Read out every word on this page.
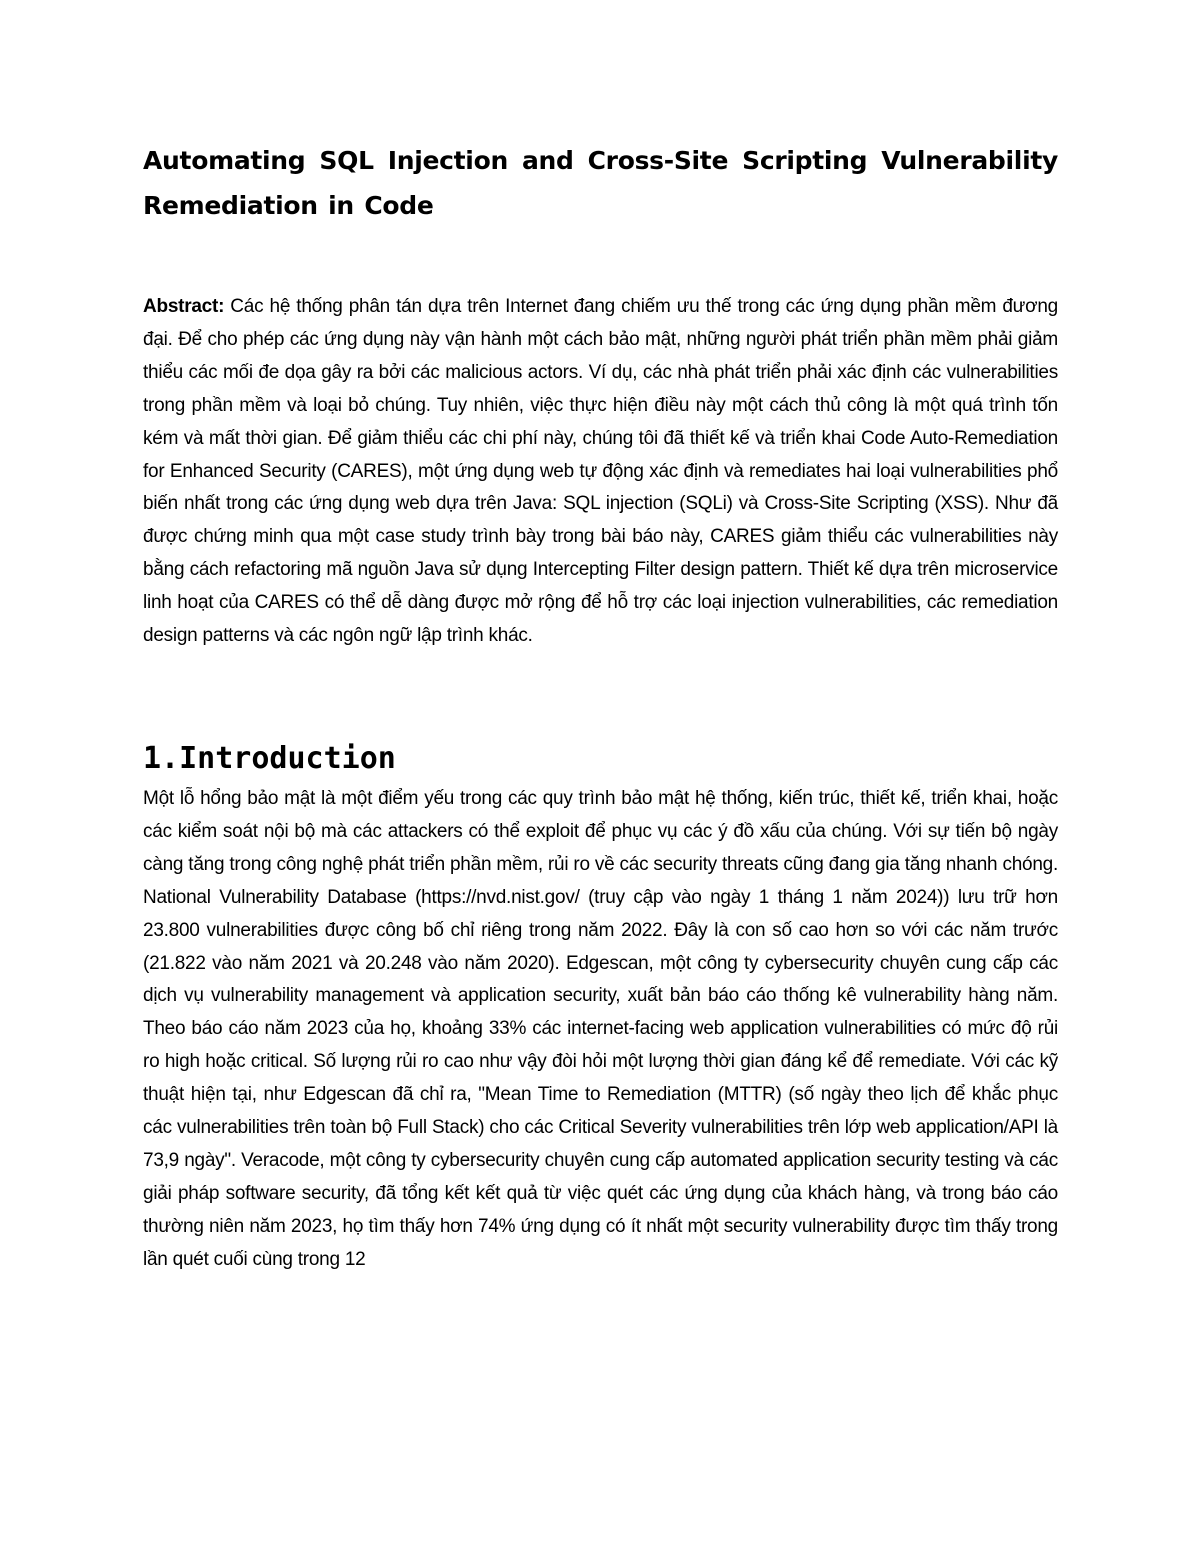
Automating SQL Injection and Cross-Site Scripting Vulnerability Remediation in Code

Abstract: Các hệ thống phân tán dựa trên Internet đang chiếm ưu thế trong các ứng dụng phần mềm đương đại. Để cho phép các ứng dụng này vận hành một cách bảo mật, những người phát triển phần mềm phải giảm thiểu các mối đe dọa gây ra bởi các malicious actors. Ví dụ, các nhà phát triển phải xác định các vulnerabilities trong phần mềm và loại bỏ chúng. Tuy nhiên, việc thực hiện điều này một cách thủ công là một quá trình tốn kém và mất thời gian. Để giảm thiểu các chi phí này, chúng tôi đã thiết kế và triển khai Code Auto-Remediation for Enhanced Security (CARES), một ứng dụng web tự động xác định và remediates hai loại vulnerabilities phổ biến nhất trong các ứng dụng web dựa trên Java: SQL injection (SQLi) và Cross-Site Scripting (XSS). Như đã được chứng minh qua một case study trình bày trong bài báo này, CARES giảm thiểu các vulnerabilities này bằng cách refactoring mã nguồn Java sử dụng Intercepting Filter design pattern. Thiết kế dựa trên microservice linh hoạt của CARES có thể dễ dàng được mở rộng để hỗ trợ các loại injection vulnerabilities, các remediation design patterns và các ngôn ngữ lập trình khác.

1.Introduction

Một lỗ hổng bảo mật là một điểm yếu trong các quy trình bảo mật hệ thống, kiến trúc, thiết kế, triển khai, hoặc các kiểm soát nội bộ mà các attackers có thể exploit để phục vụ các ý đồ xấu của chúng. Với sự tiến bộ ngày càng tăng trong công nghệ phát triển phần mềm, rủi ro về các security threats cũng đang gia tăng nhanh chóng. National Vulnerability Database (https://nvd.nist.gov/ (truy cập vào ngày 1 tháng 1 năm 2024)) lưu trữ hơn 23.800 vulnerabilities được công bố chỉ riêng trong năm 2022. Đây là con số cao hơn so với các năm trước (21.822 vào năm 2021 và 20.248 vào năm 2020). Edgescan, một công ty cybersecurity chuyên cung cấp các dịch vụ vulnerability management và application security, xuất bản báo cáo thống kê vulnerability hàng năm. Theo báo cáo năm 2023 của họ, khoảng 33% các internet-facing web application vulnerabilities có mức độ rủi ro high hoặc critical. Số lượng rủi ro cao như vậy đòi hỏi một lượng thời gian đáng kể để remediate. Với các kỹ thuật hiện tại, như Edgescan đã chỉ ra, "Mean Time to Remediation (MTTR) (số ngày theo lịch để khắc phục các vulnerabilities trên toàn bộ Full Stack) cho các Critical Severity vulnerabilities trên lớp web application/API là 73,9 ngày". Veracode, một công ty cybersecurity chuyên cung cấp automated application security testing và các giải pháp software security, đã tổng kết kết quả từ việc quét các ứng dụng của khách hàng, và trong báo cáo thường niên năm 2023, họ tìm thấy hơn 74% ứng dụng có ít nhất một security vulnerability được tìm thấy trong lần quét cuối cùng trong 12
